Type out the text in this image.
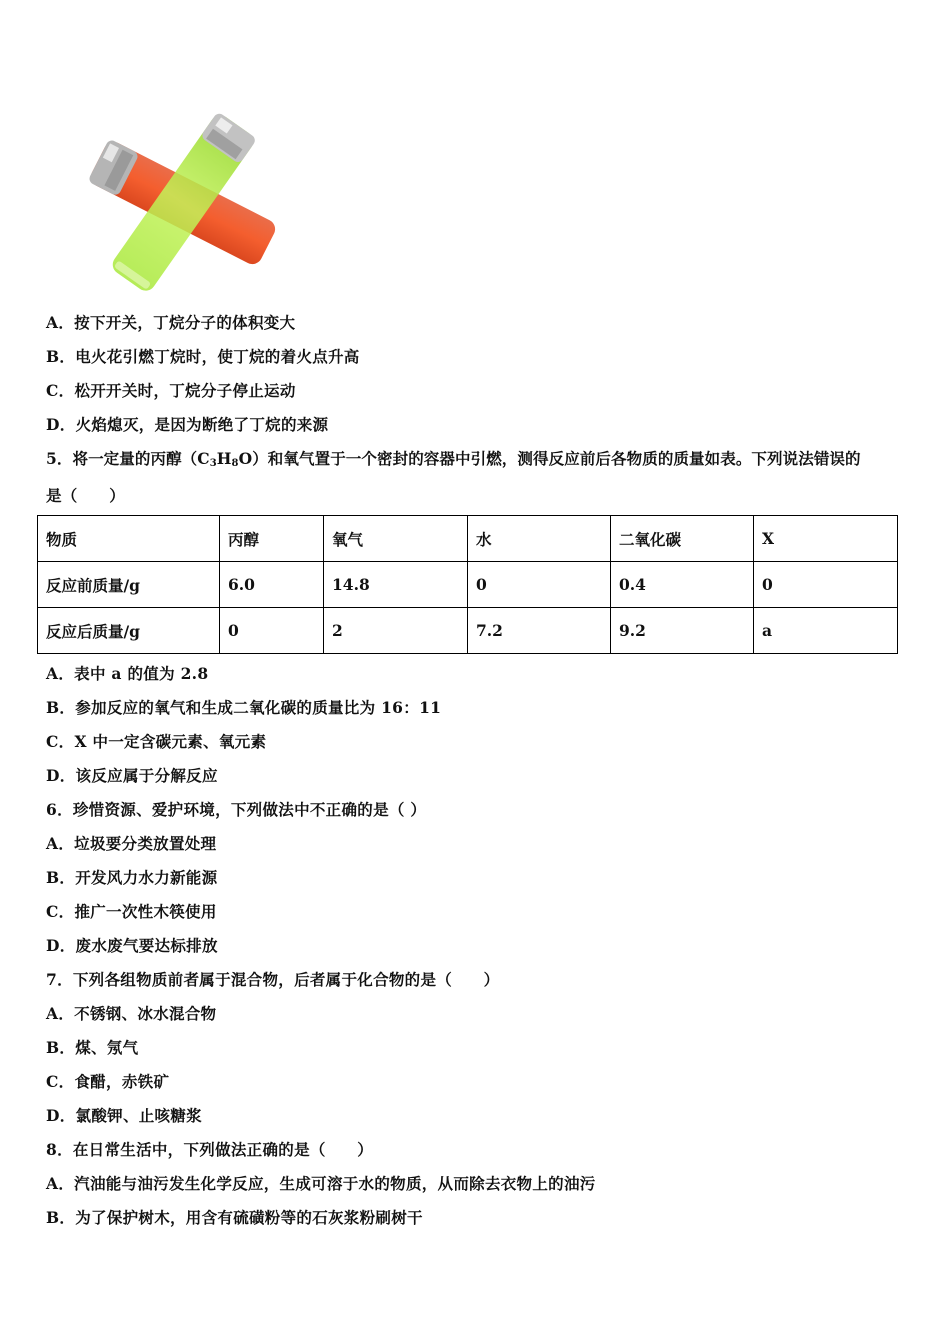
A．按下开关，丁烷分子的体积变大
B．电火花引燃丁烷时，使丁烷的着火点升高
C．松开开关时，丁烷分子停止运动
D．火焰熄灭，是因为断绝了丁烷的来源
5．将一定量的丙醇$(C_3H_8O)$和氧气置于一个密封的容器中引燃，测得反应前后各物质的质量如表。下列说法错误的
是（　　）
物质	丙醇	氧气	水	二氧化碳	X
反应前质量/g	6.0	14.8	0	0.4	0
反应后质量/g	0	2	7.2	9.2	a
A．表中 a 的值为 2.8
B．参加反应的氧气和生成二氧化碳的质量比为 16：11
C．X 中一定含碳元素、氧元素
D．该反应属于分解反应
6．珍惜资源、爱护环境，下列做法中不正确的是（ ）
A．垃圾要分类放置处理
B．开发风力水力新能源
C．推广一次性木筷使用
D．废水废气要达标排放
7．下列各组物质前者属于混合物，后者属于化合物的是（　　）
A．不锈钢、冰水混合物
B．煤、氖气
C．食醋，赤铁矿
D．氯酸钾、止咳糖浆
8．在日常生活中，下列做法正确的是（　　）
A．汽油能与油污发生化学反应，生成可溶于水的物质，从而除去衣物上的油污
B．为了保护树木，用含有硫磺粉等的石灰浆粉刷树干
